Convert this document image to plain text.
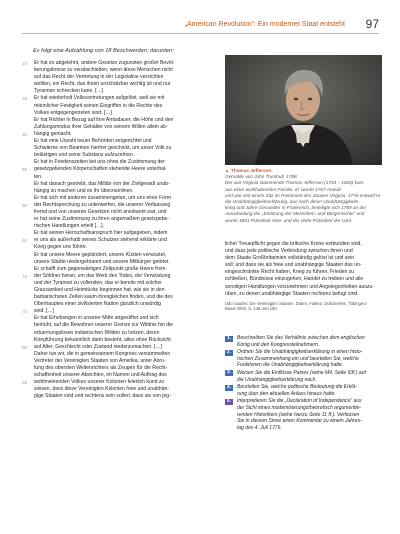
„American Revolution“: Ein moderner Staat entsteht 97
Es folgt eine Aufzählung von 18 Beschwerden; darunten:
10 Er hat es abgelehnt, andere Gesetze zugunsten großer Bevöl-
kerungskreise zu verabschieden, wenn diese Menschen nicht
auf das Recht der Vertretung in der Legislative verzichten
wollten, ein Recht, das ihnen unschätzbar wichtig ist und nur
Tyrannen schrecken kann. […]
45 Er hat wiederholt Volksvertretungen aufgelöst, weil sie mit
männlicher Festigkeit seinen Eingriffen in die Rechte des
Volkes entgegengetreten sind. […]
Er hat Richter in Bezug auf ihre Amtsdauer, die Höhe und den
Zahlungsmodus ihrer Gehälter von seinem Willen allein ab-
50 hängig gemacht.
Er hat eine Unzahl neuer Behörden eingerichtet und
Schwärme von Beamten hierher geschickt, um unser Volk zu
belästigen und seine Substanz aufzuzehren.
Er hat in Friedenszeiten bei uns ohne die Zustimmung der
55 gesetzgebenden Körperschaften stehende Heere unterhal-
ten.
Er hat danach gestrebt, das Militär von der Zivilgewalt unab-
hängig zu machen und es ihr überzuordnen.
Er hat sich mit anderen zusammengetan, um uns einer Form
60 der Rechtsprechung zu unterwerfen, die unserer Verfassung
fremd und von unseren Gesetzen nicht anerkannt war, und
er hat seine Zustimmung zu ihren angemaßten gesetzgebe-
rischen Handlungen erteilt […].
Er hat seinen Herrschaftsanspruch hier aufgegeben, indem
65 er uns als außerhalb seines Schutzes stehend erklärte und
Krieg gegen uns führte.
Er hat unsere Meere geplündert, unsere Küsten verwüstet,
unsere Städte niedergebrannt und unsere Mitbürger getötet.
Er schafft zum gegenwärtigen Zeitpunkt große Heere frem-
70 der Söldner heran, um das Werk des Todes, der Verwüstung
und der Tyrannei zu vollenden, das er bereits mit solcher
Grausamkeit und Heimtücke begonnen hat, wie sie in den
barbarischsten Zeiten kaum ihresgleichen finden, und die des
Oberhauptes einer zivilisierten Nation gänzlich unwürdig
75 sind. […]
Er hat Erhebungen in unserer Mitte angestiftet und sich
bemüht, auf die Bewohner unserer Grenze zur Wildnis hin die
erbarmungslosen indianischen Wilden zu hetzen, deren
Kriegführung bekanntlich darin besteht, alles ohne Rücksicht
80 auf Alter, Geschlecht oder Zustand niederzumachen. […]
Daher tun wir, die in gemeinsamem Kongress versammelten
Vertreter der Vereinigten Staaten von Amerika, unter Anru-
fung des obersten Weltenrichters als Zeugen für die Recht-
schaffenheit unserer Absichten, im Namen und Auftrag des
85 wohlmeinenden Volkes unserer Kolonien feierlich kund zu
wissen, dass diese Vereinigten Kolonien freie und unabhän-
gige Staaten sind und rechtens sein sollen; dass sie von jeg-
▲ Thomas Jefferson.
Gemälde von John Trumbull, 1788.
Der aus Virginia stammende Thomas Jefferson (1743 – 1826) kam
aus einer wohlhabenden Familie. Er wurde 1767 Anwalt
und war seit einem Sitz im Parlament des Staates Virginia. 1776 entwarf er
die Unabhängigkeitserklärung, war nach deren Unabhängigkeits-
krieg und Jahre Gesandter in Frankreich, beteiligte sich 1789 an der
Ausarbeitung der „Erklärung der Menschen- und Bürgerrechte“ und
wurde 1801 Präsident Vize- und der dritte Präsident der USA.
licher Treuepflicht gegen die britische Krone entbunden sind,
und dass jede politische Verbindung zwischen ihnen und
dem Staate Großbritannien vollständig gelöst ist und sein
soll; und dass sie als freie und unabhängige Staaten das un-
eingeschränkte Recht haben, Krieg zu führen, Frieden zu
schließen, Bündnisse einzugehen, Handel zu treiben und alle
sonstigen Handlungen vorzunehmen und Angelegenheiten auszu-
üben, zu denen unabhängige Staaten rechtens befugt sind.
Udo Sautter, Die Vereinigten Staaten. Daten, Fakten, Dokumente, Tübingen/
Basel 2000, S. 148 und 150
1.	Beschreiben Sie das Verhältnis zwischen dem englischen
König und den Kongressteilnehmern.
2.	Ordnen Sie die Unabhängigkeitserklärung in einen histo-
rischen Zusammenhang ein und beurteilen Sie, welche
Funktionen die Unabhängigkeitserklärung hatte.
3.	Weisen Sie die Einflüsse Paines (siehe M4, Seite 93f.) auf
die Unabhängigkeitserklärung nach.
4.	Beurteilen Sie, welche politische Bedeutung die Erklä-
rung über den aktuellen Anlass hinaus hatte.
5.	Interpretieren Sie die „Declaration of Independence“ aus
der Sicht eines modernisierungstheoretisch argumentie-
renden Historikers (siehe hierzu Seite 11 ff.). Verfassen
Sie in diesem Sinne einen Kommentar zu einem Jahres-
tag des 4. Juli 1776.
